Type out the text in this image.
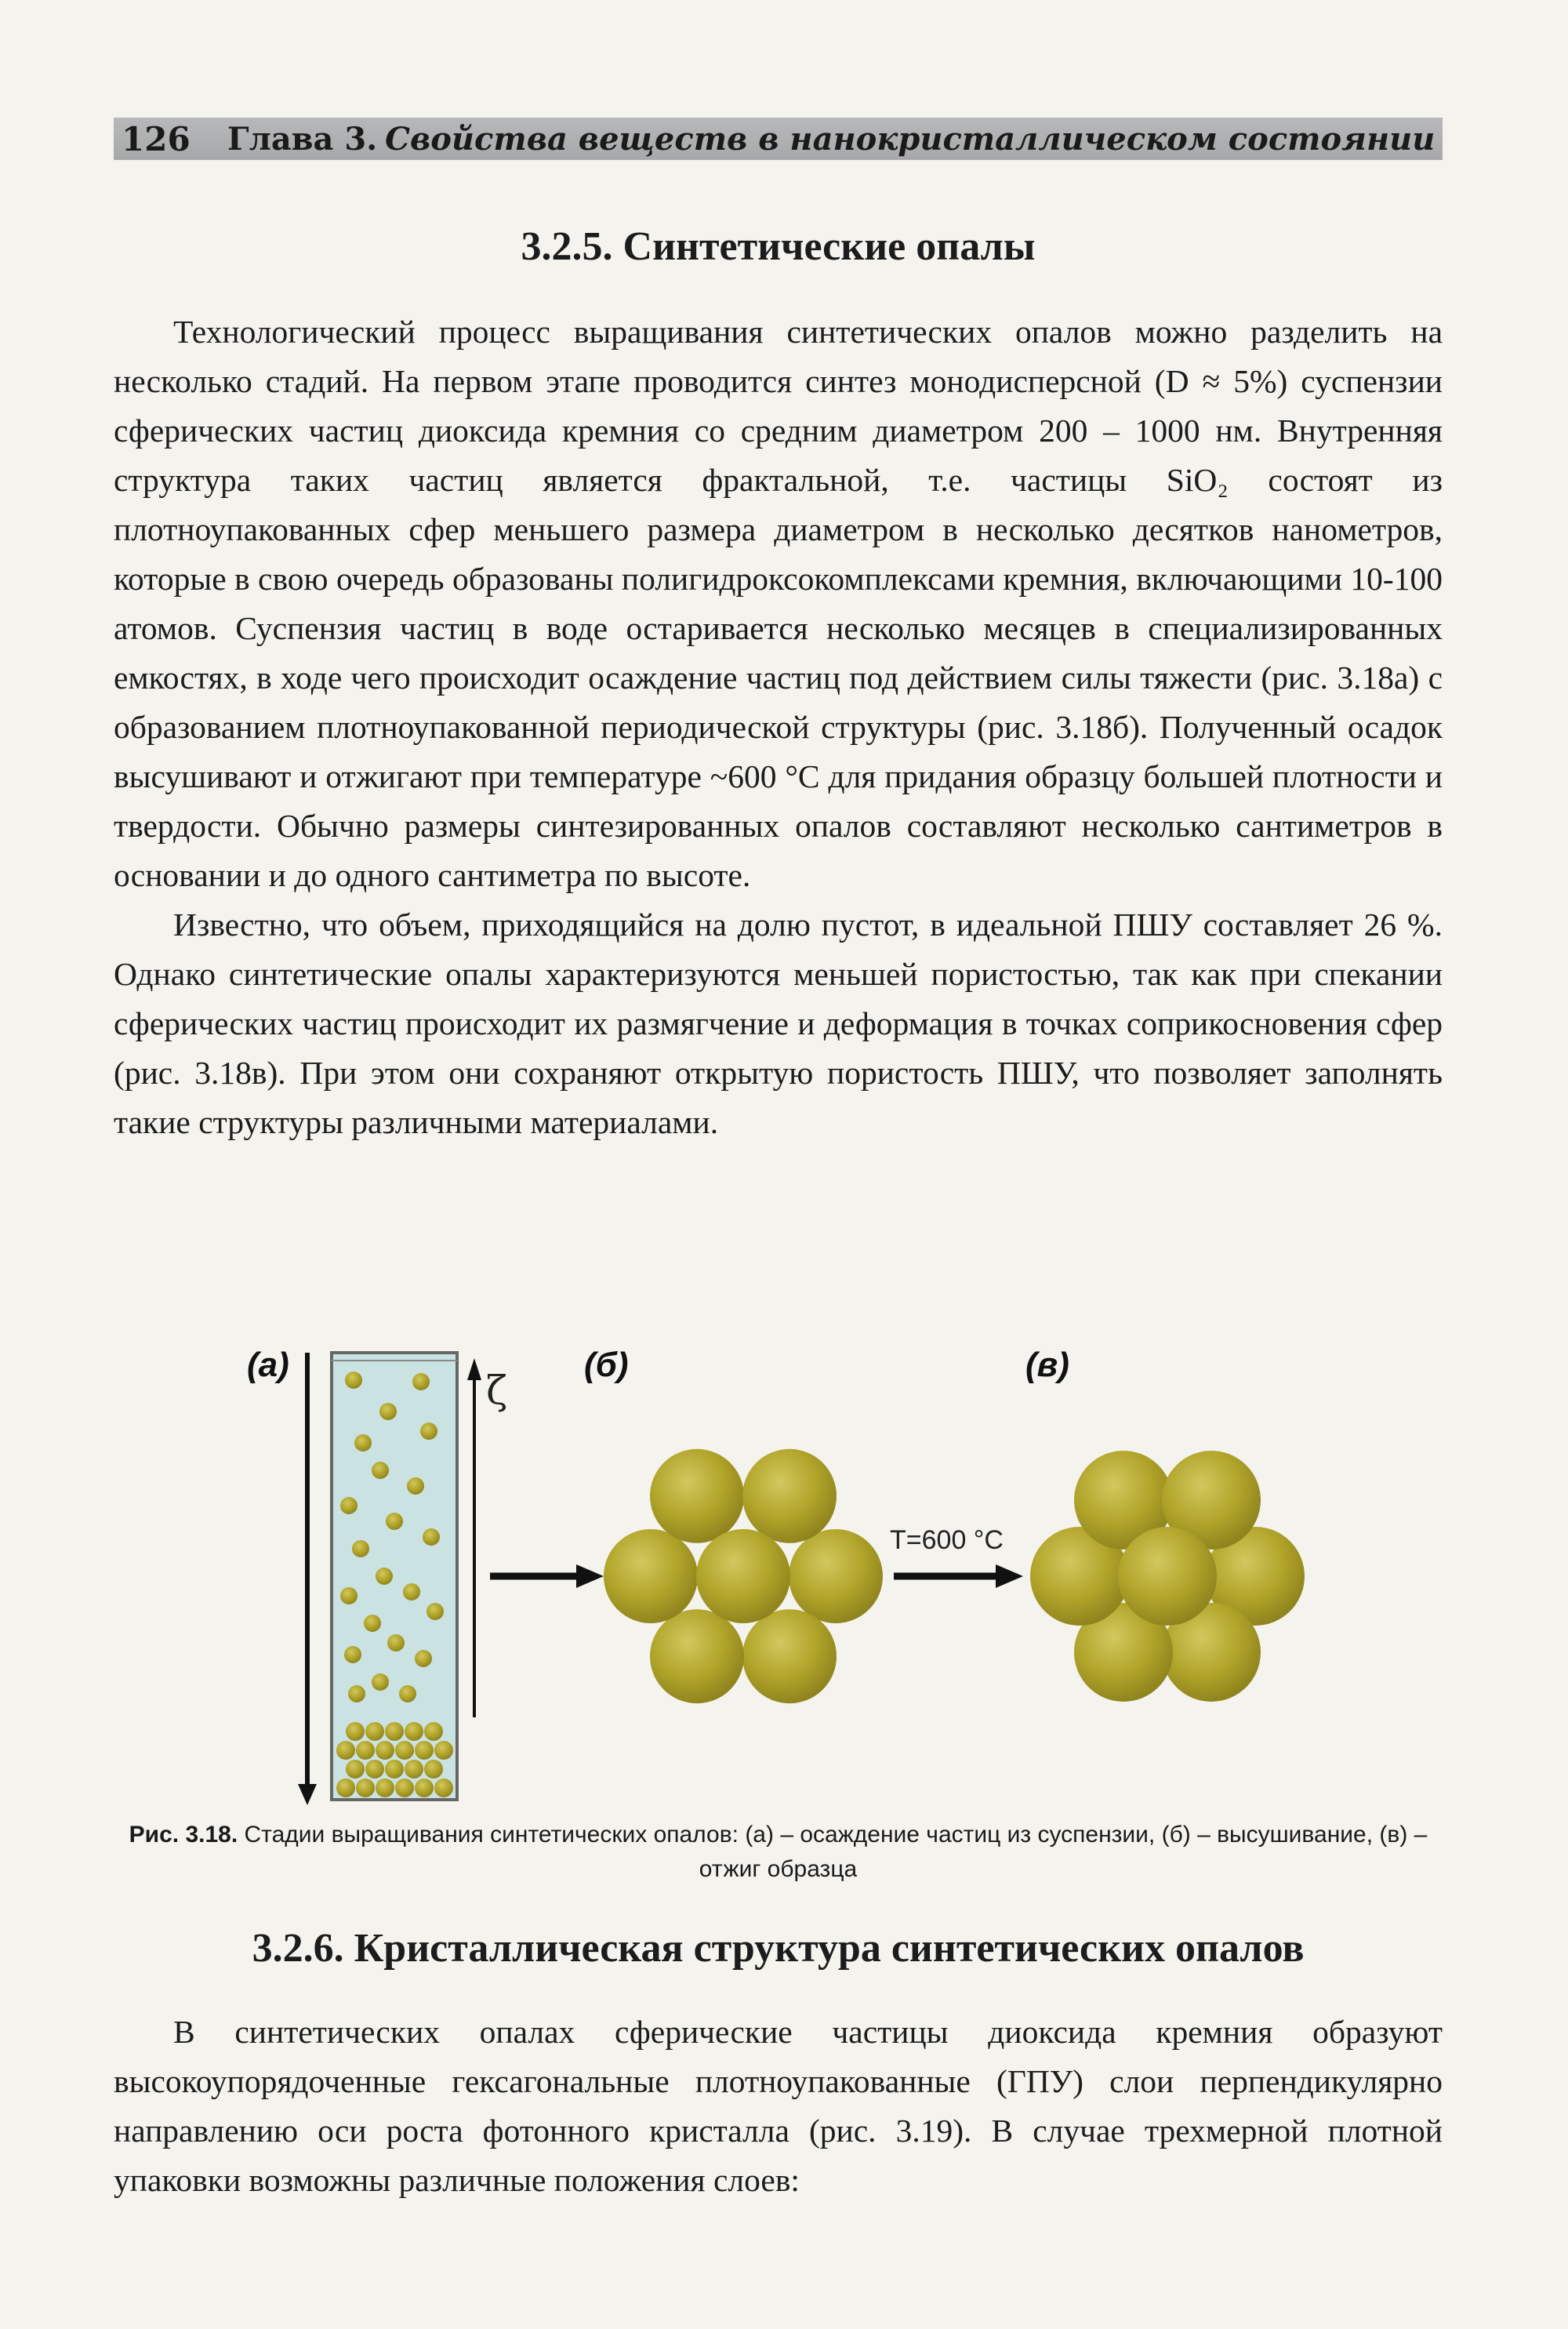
126	Глава 3. Свойства веществ в нанокристаллическом состоянии
3.2.5. Синтетические опалы

Технологический процесс выращивания синтетических опалов можно разделить на несколько стадий. На первом этапе проводится синтез монодисперсной (D ≈ 5%) суспензии сферических частиц диоксида кремния со средним диаметром 200 – 1000 нм. Внутренняя структура таких частиц является фрактальной, т.е. частицы SiO₂ состоят из плотноупакованных сфер меньшего размера диаметром в несколько десятков нанометров, которые в свою очередь образованы полигидроксокомплексами кремния, включающими 10-100 атомов. Суспензия частиц в воде остаривается несколько месяцев в специализированных емкостях, в ходе чего происходит осаждение частиц под действием силы тяжести (рис. 3.18а) с образованием плотноупакованной периодической структуры (рис. 3.18б). Полученный осадок высушивают и отжигают при температуре ~600 °С для придания образцу большей плотности и твердости. Обычно размеры синтезированных опалов составляют несколько сантиметров в основании и до одного сантиметра по высоте.

Известно, что объем, приходящийся на долю пустот, в идеальной ПШУ составляет 26 %. Однако синтетические опалы характеризуются меньшей пористостью, так как при спекании сферических частиц происходит их размягчение и деформация в точках соприкосновения сфер (рис. 3.18в). При этом они сохраняют открытую пористость ПШУ, что позволяет заполнять такие структуры различными материалами.

(а)	(б)	(в)
ζ
T=600 °C
Рис. 3.18. Стадии выращивания синтетических опалов: (а) – осаждение частиц из суспензии, (б) – высушивание, (в) – отжиг образца
3.2.6. Кристаллическая структура синтетических опалов

В синтетических опалах сферические частицы диоксида кремния образуют высокоупорядоченные гексагональные плотноупакованные (ГПУ) слои перпендикулярно направлению оси роста фотонного кристалла (рис. 3.19). В случае трехмерной плотной упаковки возможны различные положения слоев:
